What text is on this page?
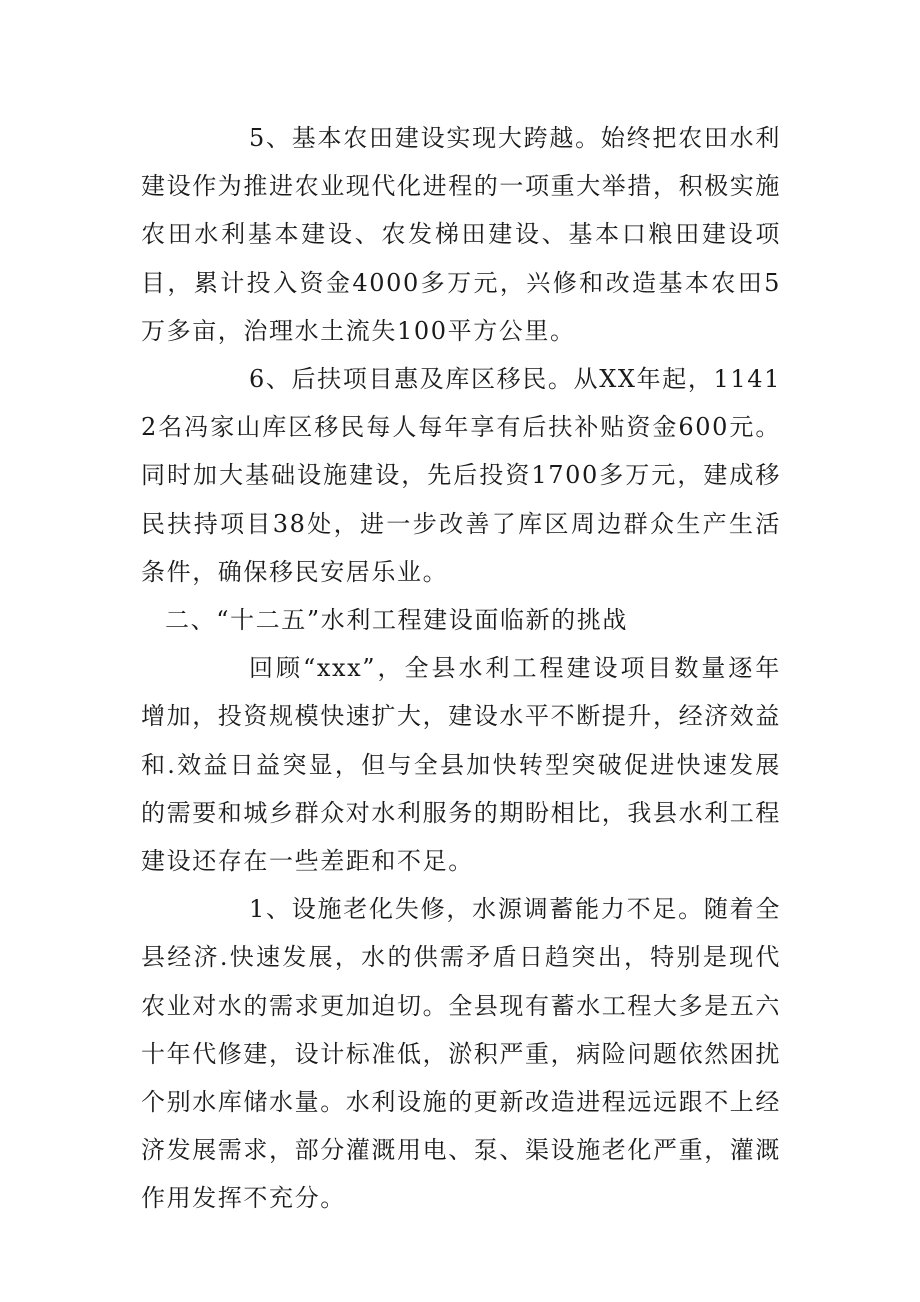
5、基本农田建设实现大跨越。始终把农田水利建设作为推进农业现代化进程的一项重大举措，积极实施农田水利基本建设、农发梯田建设、基本口粮田建设项目，累计投入资金4000多万元，兴修和改造基本农田5万多亩，治理水土流失100平方公里。

6、后扶项目惠及库区移民。从XX年起，11412名冯家山库区移民每人每年享有后扶补贴资金600元。同时加大基础设施建设，先后投资1700多万元，建成移民扶持项目38处，进一步改善了库区周边群众生产生活条件，确保移民安居乐业。

二、“十二五”水利工程建设面临新的挑战

回顾“xxx”，全县水利工程建设项目数量逐年增加，投资规模快速扩大，建设水平不断提升，经济效益和.效益日益突显，但与全县加快转型突破促进快速发展的需要和城乡群众对水利服务的期盼相比，我县水利工程建设还存在一些差距和不足。

1、设施老化失修，水源调蓄能力不足。随着全县经济.快速发展，水的供需矛盾日趋突出，特别是现代农业对水的需求更加迫切。全县现有蓄水工程大多是五六十年代修建，设计标准低，淤积严重，病险问题依然困扰个别水库储水量。水利设施的更新改造进程远远跟不上经济发展需求，部分灌溉用电、泵、渠设施老化严重，灌溉作用发挥不充分。
